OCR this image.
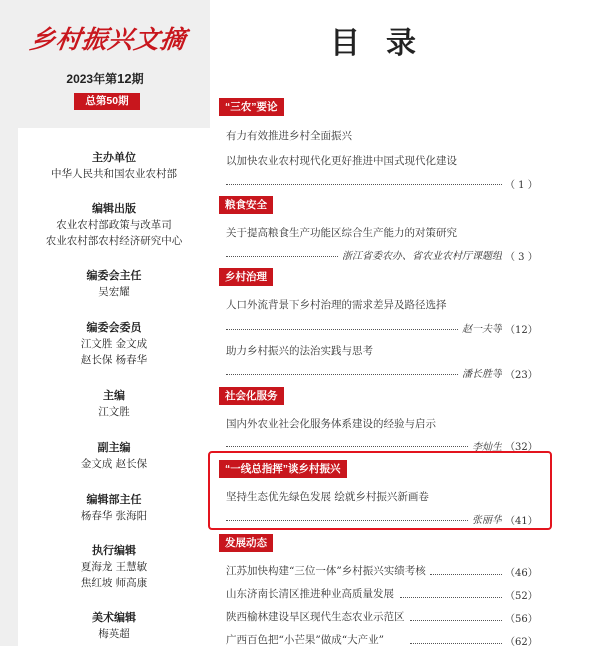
乡村振兴文摘
2023年第12期
总第50期
主办单位
中华人民共和国农业农村部
编辑出版
农业农村部政策与改革司
农业农村部农村经济研究中心
编委会主任
吴宏耀
编委会委员
江文胜 金文成
赵长保 杨春华
主编
江文胜
副主编
金文成 赵长保
编辑部主任
杨春华 张海阳
执行编辑
夏海龙 王慧敏
焦红坡 师高康
美术编辑
梅英超
目录
“三农”要论
有力有效推进乡村全面振兴
以加快农业农村现代化更好推进中国式现代化建设
（ 1 ）
粮食安全
关于提高粮食生产功能区综合生产能力的对策研究
浙江省委农办、省农业农村厅课题组 （ 3 ）
乡村治理
人口外流背景下乡村治理的需求差异及路径选择
赵一夫等 （12）
助力乡村振兴的法治实践与思考
潘长胜等 （23）
社会化服务
国内外农业社会化服务体系建设的经验与启示
李灿生 （32）
“一线总指挥”谈乡村振兴
坚持生态优先绿色发展 绘就乡村振兴新画卷
张丽华 （41）
发展动态
江苏加快构建“三位一体”乡村振兴实绩考核	（46）
山东济南长清区推进种业高质量发展	（52）
陕西榆林建设旱区现代生态农业示范区	（56）
广西百色把“小芒果”做成“大产业”	（62）
